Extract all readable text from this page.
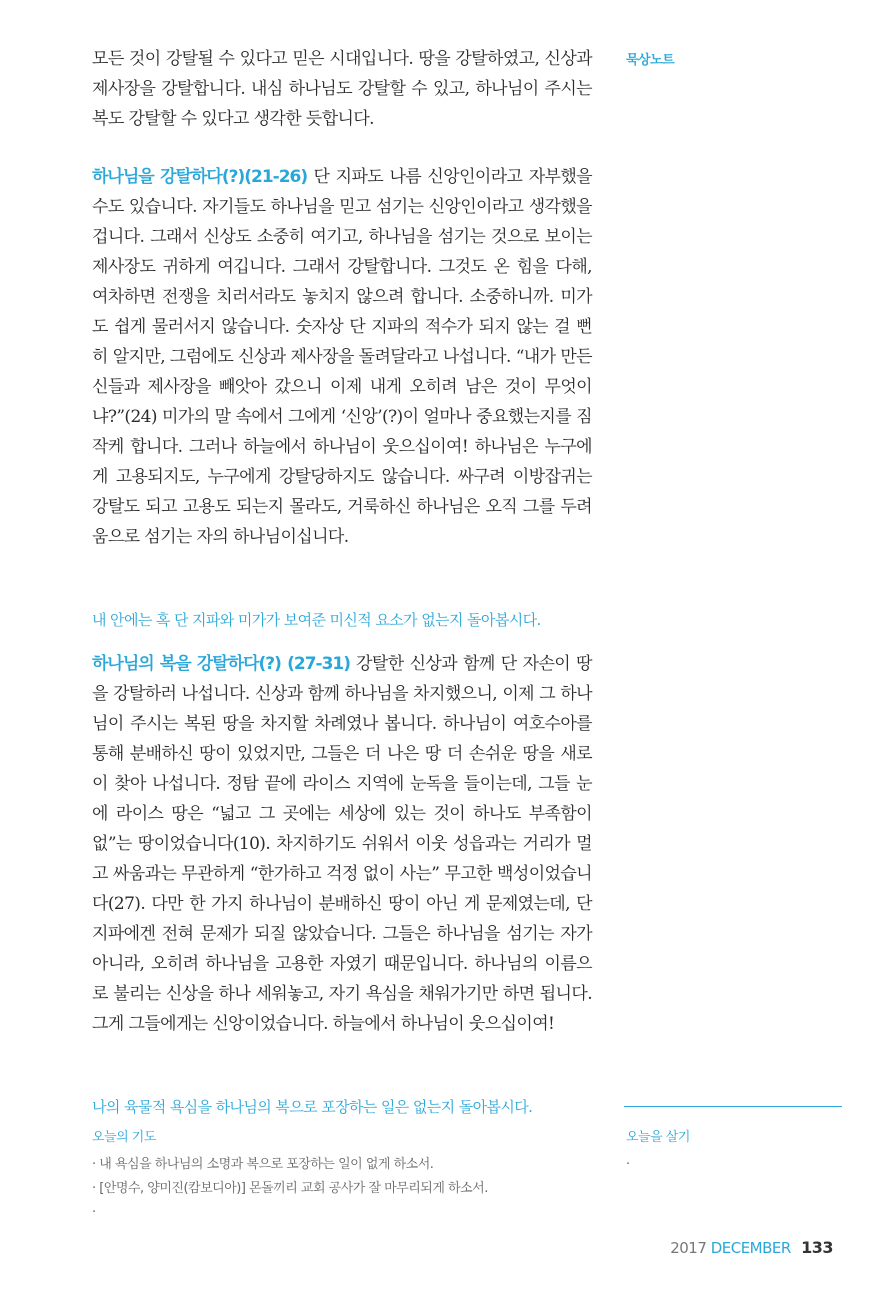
묵상노트

모든 것이 강탈될 수 있다고 믿은 시대입니다. 땅을 강탈하였고, 신상과 제사장을 강탈합니다. 내심 하나님도 강탈할 수 있고, 하나님이 주시는 복도 강탈할 수 있다고 생각한 듯합니다.

하나님을 강탈하다(?)(21-26) 단 지파도 나름 신앙인이라고 자부했을 수도 있습니다. 자기들도 하나님을 믿고 섬기는 신앙인이라고 생각했을 겁니다. 그래서 신상도 소중히 여기고, 하나님을 섬기는 것으로 보이는 제사장도 귀하게 여깁니다. 그래서 강탈합니다. 그것도 온 힘을 다해, 여차하면 전쟁을 치러서라도 놓치지 않으려 합니다. 소중하니까. 미가도 쉽게 물러서지 않습니다. 숫자상 단 지파의 적수가 되지 않는 걸 뻔히 알지만, 그럼에도 신상과 제사장을 돌려달라고 나섭니다. “내가 만든 신들과 제사장을 빼앗아 갔으니 이제 내게 오히려 남은 것이 무엇이냐?”(24) 미가의 말 속에서 그에게 ‘신앙’(?)이 얼마나 중요했는지를 짐작케 합니다. 그러나 하늘에서 하나님이 웃으십이여! 하나님은 누구에게 고용되지도, 누구에게 강탈당하지도 않습니다. 싸구려 이방잡귀는 강탈도 되고 고용도 되는지 몰라도, 거룩하신 하나님은 오직 그를 두려움으로 섬기는 자의 하나님이십니다.

내 안에는 혹 단 지파와 미가가 보여준 미신적 요소가 없는지 돌아봅시다.

하나님의 복을 강탈하다(?) (27-31) 강탈한 신상과 함께 단 자손이 땅을 강탈하러 나섭니다. 신상과 함께 하나님을 차지했으니, 이제 그 하나님이 주시는 복된 땅을 차지할 차례였나 봅니다. 하나님이 여호수아를 통해 분배하신 땅이 있었지만, 그들은 더 나은 땅 더 손쉬운 땅을 새로이 찾아 나섭니다. 정탐 끝에 라이스 지역에 눈독을 들이는데, 그들 눈에 라이스 땅은 “넓고 그 곳에는 세상에 있는 것이 하나도 부족함이 없”는 땅이었습니다(10). 차지하기도 쉬워서 이웃 성읍과는 거리가 멀고 싸움과는 무관하게 “한가하고 걱정 없이 사는” 무고한 백성이었습니다(27). 다만 한 가지 하나님이 분배하신 땅이 아닌 게 문제였는데, 단 지파에겐 전혀 문제가 되질 않았습니다. 그들은 하나님을 섬기는 자가 아니라, 오히려 하나님을 고용한 자였기 때문입니다. 하나님의 이름으로 불리는 신상을 하나 세워놓고, 자기 욕심을 채워가기만 하면 됩니다. 그게 그들에게는 신앙이었습니다. 하늘에서 하나님이 웃으십이여!

나의 육물적 욕심을 하나님의 복으로 포장하는 일은 없는지 돌아봅시다.
오늘의 기도
· 내 욕심을 하나님의 소명과 복으로 포장하는 일이 없게 하소서.
· [안명수, 양미진(캄보디아)] 몬돌끼리 교회 공사가 잘 마무리되게 하소서.
·
오늘을 살기
·
2017 DECEMBER 133
